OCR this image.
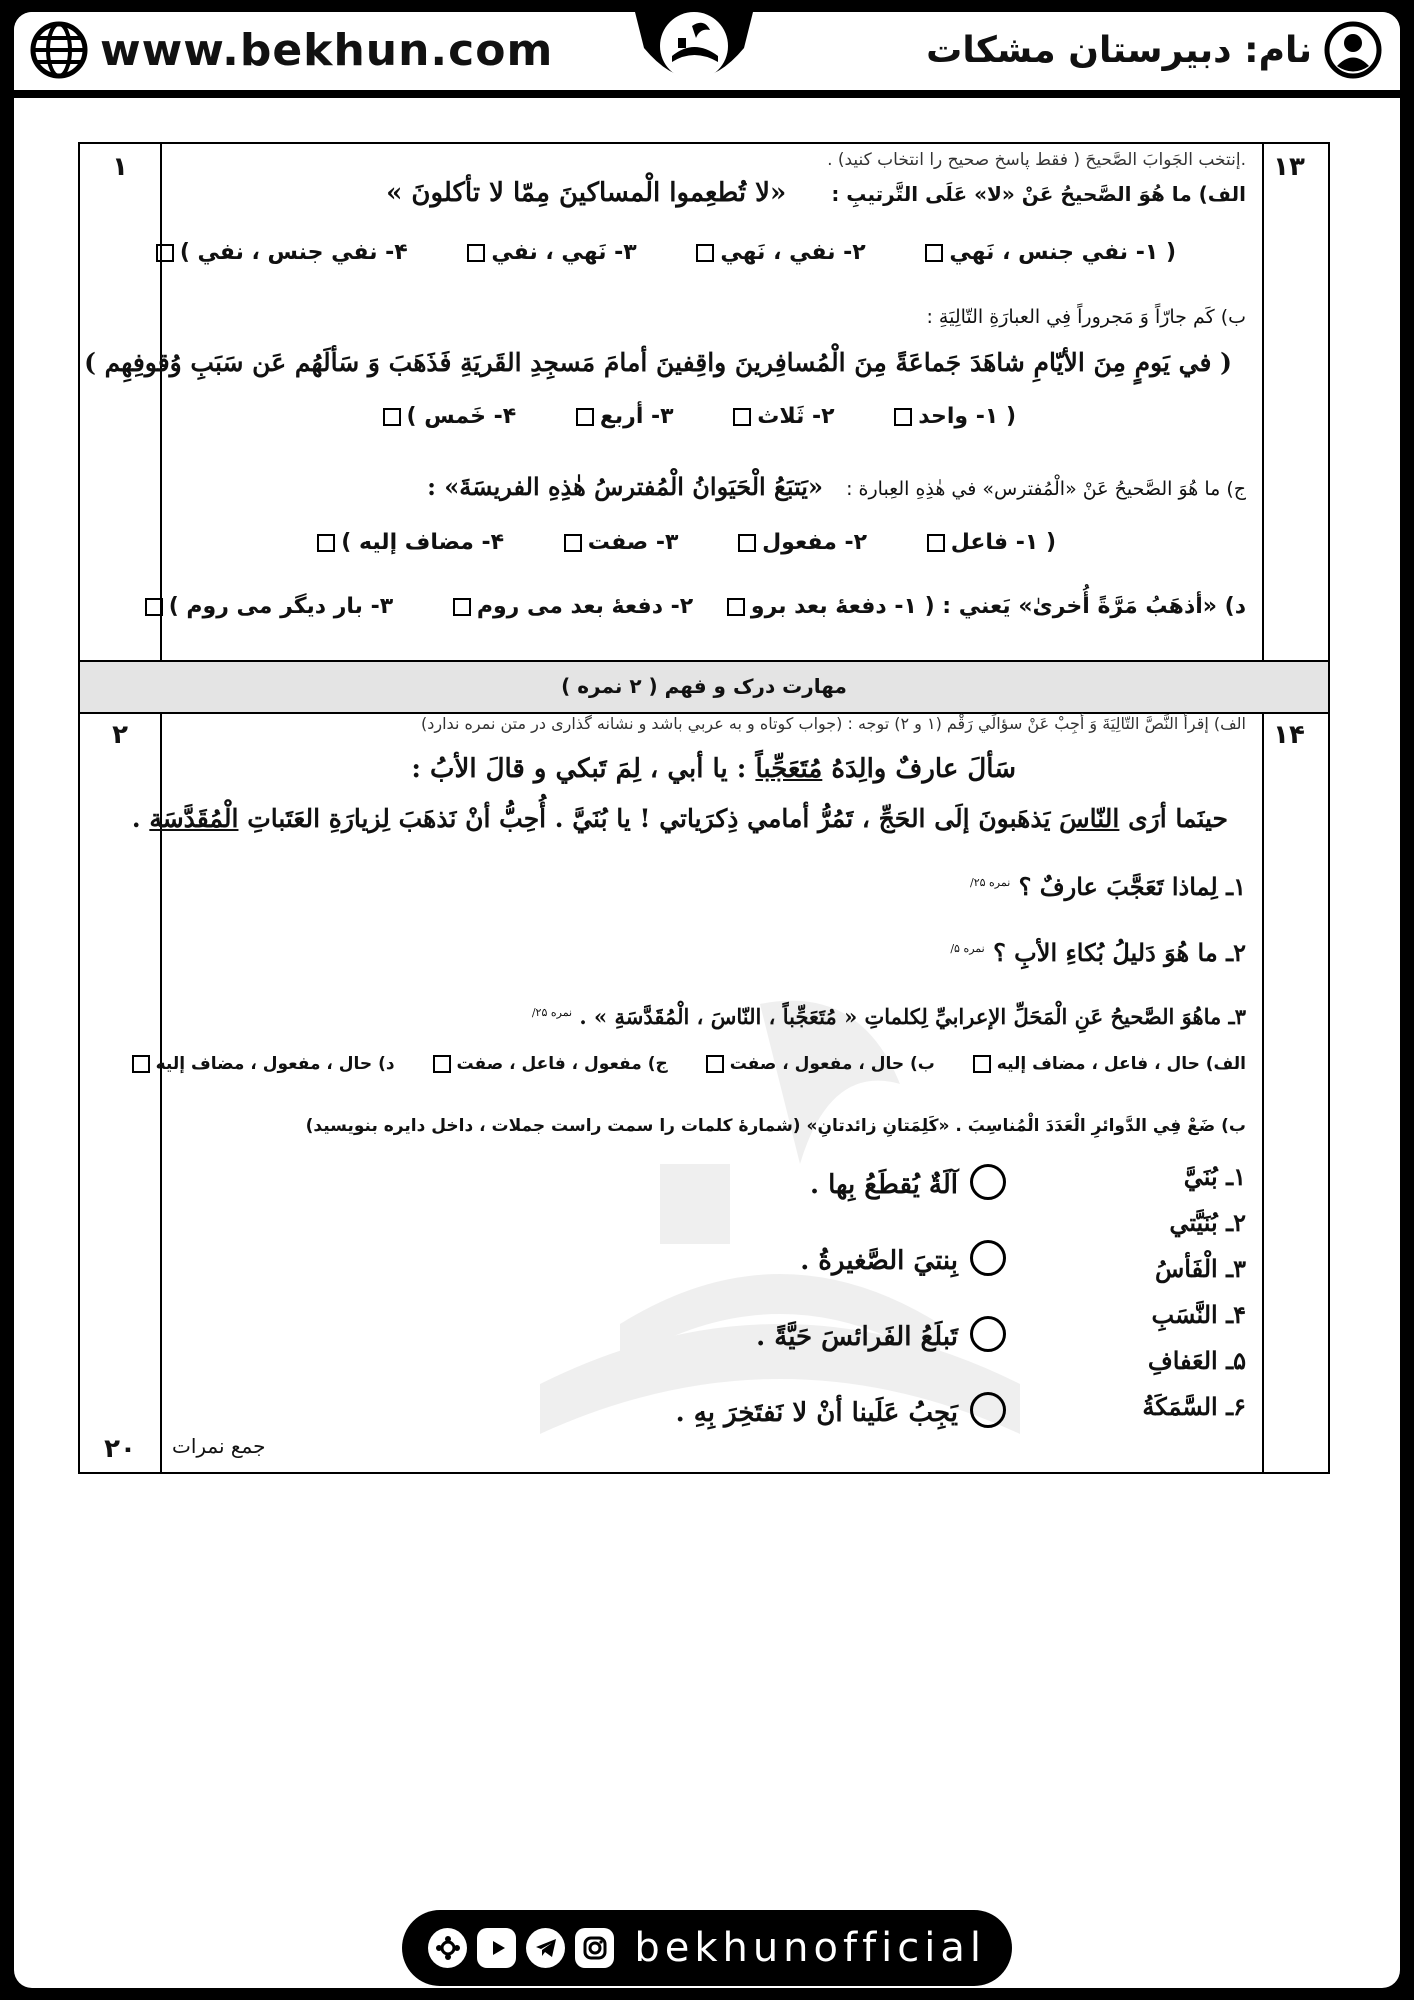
www.bekhun.com	نام: دبیرستان مشکات
۱۳
۱	.إنتخب الجَوابَ الصَّحيحَ ( فقط پاسخ صحيح را انتخاب كنيد) .
الف) ما هُوَ الصَّحيحُ عَنْ «لا» عَلَى التَّرتيبِ : «لا تُطعِموا الْمساكينَ مِمّا لا تأكلونَ »
( ۱- نفي جنس ، نَهي ۲- نفي ، نَهي ۳- نَهي ، نفي ۴- نفي جنس ، نفي )
ب) كَم جارّاً وَ مَجروراً فِي العبارَةِ التّالِيَةِ :
( في يَومٍ مِنَ الأيّامِ شاهَدَ جَماعَةً مِنَ الْمُسافِرينَ واقِفينَ أمامَ مَسجِدِ القَريَةِ فَذَهَبَ وَ سَألَهُم عَن سَبَبِ وُقوفِهِم )
( ۱- واحد ۲- ثَلاث ۳- أربع ۴- خَمس )
ج) ما هُوَ الصَّحيحُ عَنْ «الْمُفترس» في هٰذِهِ العِبارة : «يَتبَعُ الْحَيَوانُ الْمُفترسُ هٰذِهِ الفريسَةَ» :
( ۱- فاعل ۲- مفعول ۳- صفت ۴- مضاف إليه )
د) «أذهَبُ مَرَّةً أُخرىٰ» يَعني : ( ۱- دفعهٔ بعد برو ۲- دفعهٔ بعد می روم ۳- بار دیگر می روم )
مهارت درک و فهم ( ۲ نمره )
۱۴
۲	الف) إقرأ النَّصَّ التّالِيَةَ وَ أجِبْ عَنْ سؤالَي رَقْم (۱ و ۲) توجه : (جواب كوتاه و به عربي باشد و نشانه گذاری در متن نمره ندارد)
سَألَ عارفٌ والِدَهُ مُتَعَجِّباً : يا أبي ، لِمَ تَبكي و قالَ الأبُ :
حينَما أرَى النّاسَ يَذهَبونَ إلَى الحَجِّ ، تَمُرُّ أمامي ذِكرَياتي ! يا بُنَيَّ . أُحِبُّ أنْ نَذهَبَ لِزيارَةِ العَتَباتِ الْمُقَدَّسَة .
۱ـ لِماذا تَعَجَّبَ عارفٌ ؟ $^{نمره ۲۵/}$
۲ـ ما هُوَ دَليلُ بُكاءِ الأبِ ؟ $^{نمره ۵/}$
۳ـ ماهُوَ الصَّحيحُ عَنِ الْمَحَلِّ الإعرابيِّ لِكلماتِ « مُتَعَجِّباً ، النّاسَ ، الْمُقَدَّسَةِ » . $^{نمره ۲۵/}$
الف) حال ، فاعل ، مضاف إليه ب) حال ، مفعول ، صفت ج) مفعول ، فاعل ، صفت د) حال ، مفعول ، مضاف إليه
ب) ضَعْ فِي الدَّوائرِ الْعَدَدَ الْمُناسِبَ . «كَلِمَتانِ زائدتانِ» (شمارهٔ كلمات را سمت راست جملات ، داخل دایره بنويسيد)
۱ـ بُنَيَّ
۲ـ بُنَيَّتي
۳ـ الْفَأسُ
۴ـ النَّسَبِ
۵ـ العَفافِ
۶ـ السَّمَكَةُ
آلَةٌ يُقطَعُ بِها .
بِنتيَ الصَّغيرةُ .
تَبلَعُ الفَرائسَ حَيَّةً .
يَجِبُ عَلَينا أنْ لا نَفتَخِرَ بِهِ .
جمع نمرات
۲۰
bekhunofficial
